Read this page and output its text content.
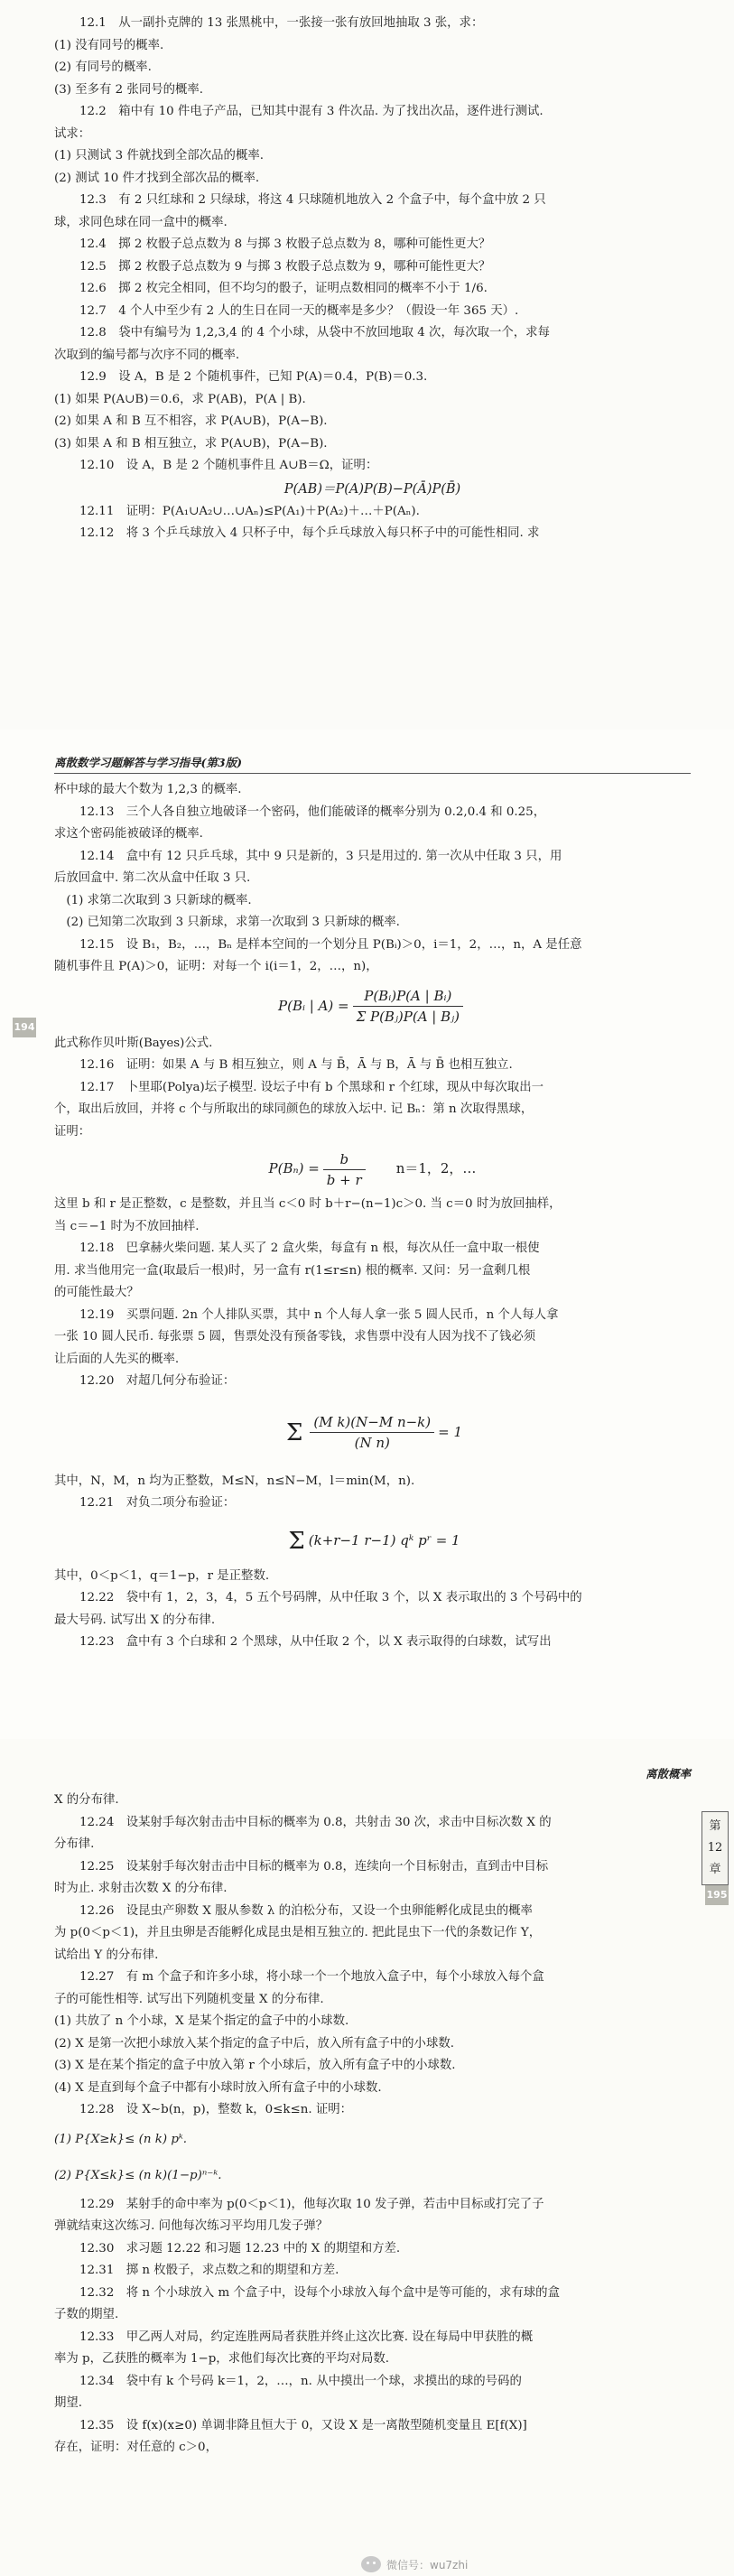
12.1　从一副扑克牌的 13 张黑桃中，一张接一张有放回地抽取 3 张，求：
(1) 没有同号的概率.
(2) 有同号的概率.
(3) 至多有 2 张同号的概率.
12.2　箱中有 10 件电子产品，已知其中混有 3 件次品. 为了找出次品，逐件进行测试.
试求：
(1) 只测试 3 件就找到全部次品的概率.
(2) 测试 10 件才找到全部次品的概率.
12.3　有 2 只红球和 2 只绿球，将这 4 只球随机地放入 2 个盒子中，每个盒中放 2 只
球，求同色球在同一盒中的概率.
12.4　掷 2 枚骰子总点数为 8 与掷 3 枚骰子总点数为 8，哪种可能性更大？
12.5　掷 2 枚骰子总点数为 9 与掷 3 枚骰子总点数为 9，哪种可能性更大？
12.6　掷 2 枚完全相同，但不均匀的骰子，证明点数相同的概率不小于 1/6.
12.7　4 个人中至少有 2 人的生日在同一天的概率是多少？（假设一年 365 天）.
12.8　袋中有编号为 1,2,3,4 的 4 个小球，从袋中不放回地取 4 次，每次取一个，求每
次取到的编号都与次序不同的概率.
12.9　设 A，B 是 2 个随机事件，已知 P(A)＝0.4，P(B)＝0.3.
(1) 如果 P(A∪B)＝0.6，求 P(AB)，P(A | B).
(2) 如果 A 和 B 互不相容，求 P(A∪B)，P(A−B).
(3) 如果 A 和 B 相互独立，求 P(A∪B)，P(A−B).
12.10　设 A，B 是 2 个随机事件且 A∪B＝Ω，证明：
P(AB)＝P(A)P(B)−P(Ā)P(B̄)
12.11　证明：P(A₁∪A₂∪…∪Aₙ)≤P(A₁)＋P(A₂)＋…＋P(Aₙ).
12.12　将 3 个乒乓球放入 4 只杯子中，每个乒乓球放入每只杯子中的可能性相同. 求
离散数学习题解答与学习指导(第3版)
杯中球的最大个数为 1,2,3 的概率.
12.13　三个人各自独立地破译一个密码，他们能破译的概率分别为 0.2,0.4 和 0.25，
求这个密码能被破译的概率.
12.14　盒中有 12 只乒乓球，其中 9 只是新的，3 只是用过的. 第一次从中任取 3 只，用
后放回盒中. 第二次从盒中任取 3 只.
　(1) 求第二次取到 3 只新球的概率.
　(2) 已知第二次取到 3 只新球，求第一次取到 3 只新球的概率.
12.15　设 B₁，B₂，…，Bₙ 是样本空间的一个划分且 P(Bᵢ)＞0，i＝1，2，…，n，A 是任意
随机事件且 P(A)＞0，证明：对每一个 i(i＝1，2，…，n)，
P(Bᵢ | $A) = \frac{\text{P(Bᵢ)P(A | Bᵢ)}}{\text{Σ P(Bⱼ)P(A | Bⱼ)}}$
此式称作贝叶斯(Bayes)公式.
12.16　证明：如果 A 与 B 相互独立，则 A 与 B̄，Ā 与 B，Ā 与 B̄ 也相互独立.
12.17　卜里耶(Polya)坛子模型. 设坛子中有 b 个黑球和 r 个红球，现从中每次取出一
个，取出后放回，并将 c 个与所取出的球同颜色的球放入坛中. 记 Bₙ：第 n 次取得黑球，
证明：
$P(B_n) = \frac{b}{b + r} n=1$，2，…
这里 b 和 r 是正整数，c 是整数，并且当 c＜0 时 b＋r−(n−1)c＞0. 当 c＝0 时为放回抽样，
当 c＝−1 时为不放回抽样.
12.18　巴拿赫火柴问题. 某人买了 2 盒火柴，每盒有 n 根，每次从任一盒中取一根使
用. 求当他用完一盒(取最后一根)时，另一盒有 r(1≤r≤n) 根的概率. 又问：另一盒剩几根
的可能性最大？
12.19　买票问题. 2n 个人排队买票，其中 n 个人每人拿一张 5 圆人民币，n 个人每人拿
一张 10 圆人民币. 每张票 5 圆，售票处没有预备零钱，求售票中没有人因为找不了钱必须
让后面的人先买的概率.
12.20　对超几何分布验证：
Σ $\frac{\text{(M k)(N−M n−k)}}{\text{(N n)}} = 1$
其中，N，M，n 均为正整数，M≤N，n≤N−M，l＝min(M，n).
12.21　对负二项分布验证：
Σ (k+r−1 r−1) qᵏ pʳ = 1
其中，0＜p＜1，q＝1−p，r 是正整数.
12.22　袋中有 1，2，3，4，5 五个号码牌，从中任取 3 个，以 X 表示取出的 3 个号码中的
最大号码. 试写出 X 的分布律.
12.23　盒中有 3 个白球和 2 个黑球，从中任取 2 个，以 X 表示取得的白球数，试写出
194
离散概率
X 的分布律.
12.24　设某射手每次射击击中目标的概率为 0.8，共射击 30 次，求击中目标次数 X 的
分布律.
12.25　设某射手每次射击击中目标的概率为 0.8，连续向一个目标射击，直到击中目标
时为止. 求射击次数 X 的分布律.
12.26　设昆虫产卵数 X 服从参数 λ 的泊松分布，又设一个虫卵能孵化成昆虫的概率
为 p(0＜p＜1)，并且虫卵是否能孵化成昆虫是相互独立的. 把此昆虫下一代的条数记作 Y，
试给出 Y 的分布律.
12.27　有 m 个盒子和许多小球，将小球一个一个地放入盒子中，每个小球放入每个盒
子的可能性相等. 试写出下列随机变量 X 的分布律.
(1) 共放了 n 个小球，X 是某个指定的盒子中的小球数.
(2) X 是第一次把小球放入某个指定的盒子中后，放入所有盒子中的小球数.
(3) X 是在某个指定的盒子中放入第 r 个小球后，放入所有盒子中的小球数.
(4) X 是直到每个盒子中都有小球时放入所有盒子中的小球数.
12.28　设 X∼b(n，p)，整数 k，0≤k≤n. 证明：
(1) P{X≥k}≤ (n k) pᵏ.
(2) P{X≤k}≤ (n k)(1−p)ⁿ⁻ᵏ.
12.29　某射手的命中率为 p(0＜p＜1)，他每次取 10 发子弹，若击中目标或打完了子
弹就结束这次练习. 问他每次练习平均用几发子弹？
12.30　求习题 12.22 和习题 12.23 中的 X 的期望和方差.
12.31　掷 n 枚骰子，求点数之和的期望和方差.
12.32　将 n 个小球放入 m 个盒子中，设每个小球放入每个盒中是等可能的，求有球的盒
子数的期望.
12.33　甲乙两人对局，约定连胜两局者获胜并终止这次比赛. 设在每局中甲获胜的概
率为 p，乙获胜的概率为 1−p，求他们每次比赛的平均对局数.
12.34　袋中有 k 个号码 k＝1，2，…，n. 从中摸出一个球，求摸出的球的号码的
期望.
12.35　设 f(x)(x≥0) 单调非降且恒大于 0，又设 X 是一离散型随机变量且 E[f(X)]
存在，证明：对任意的 c＞0，
微信号：wu7zhi
第12章
195
